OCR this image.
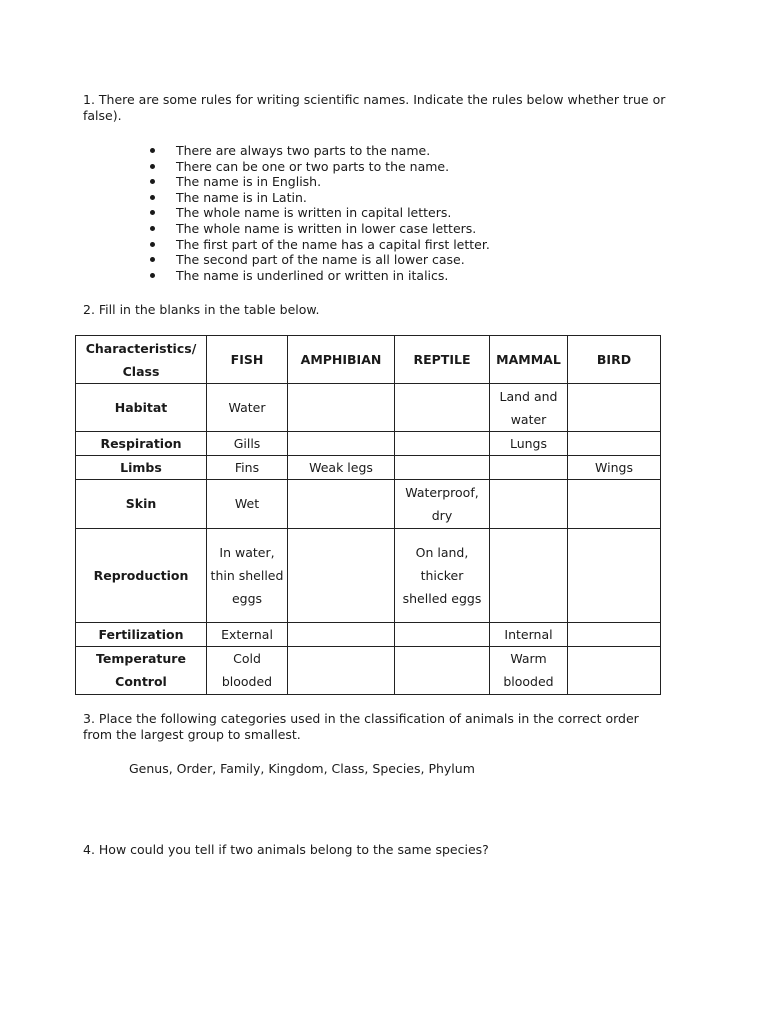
1. There are some rules for writing scientific names. Indicate the rules below whether true or false).

There are always two parts to the name.
There can be one or two parts to the name.
The name is in English.
The name is in Latin.
The whole name is written in capital letters.
The whole name is written in lower case letters.
The first part of the name has a capital first letter.
The second part of the name is all lower case.
The name is underlined or written in italics.

2. Fill in the blanks in the table below.

Characteristics/ Class	FISH	AMPHIBIAN	REPTILE	MAMMAL	BIRD
Habitat	Water			Land and water	
Respiration	Gills			Lungs	
Limbs	Fins	Weak legs			Wings
Skin	Wet		Waterproof, dry		
Reproduction	In water, thin shelled eggs		On land, thicker shelled eggs		
Fertilization	External			Internal	
Temperature Control	Cold blooded			Warm blooded	

3. Place the following categories used in the classification of animals in the correct order from the largest group to smallest.

Genus, Order, Family, Kingdom, Class, Species, Phylum

4. How could you tell if two animals belong to the same species?
